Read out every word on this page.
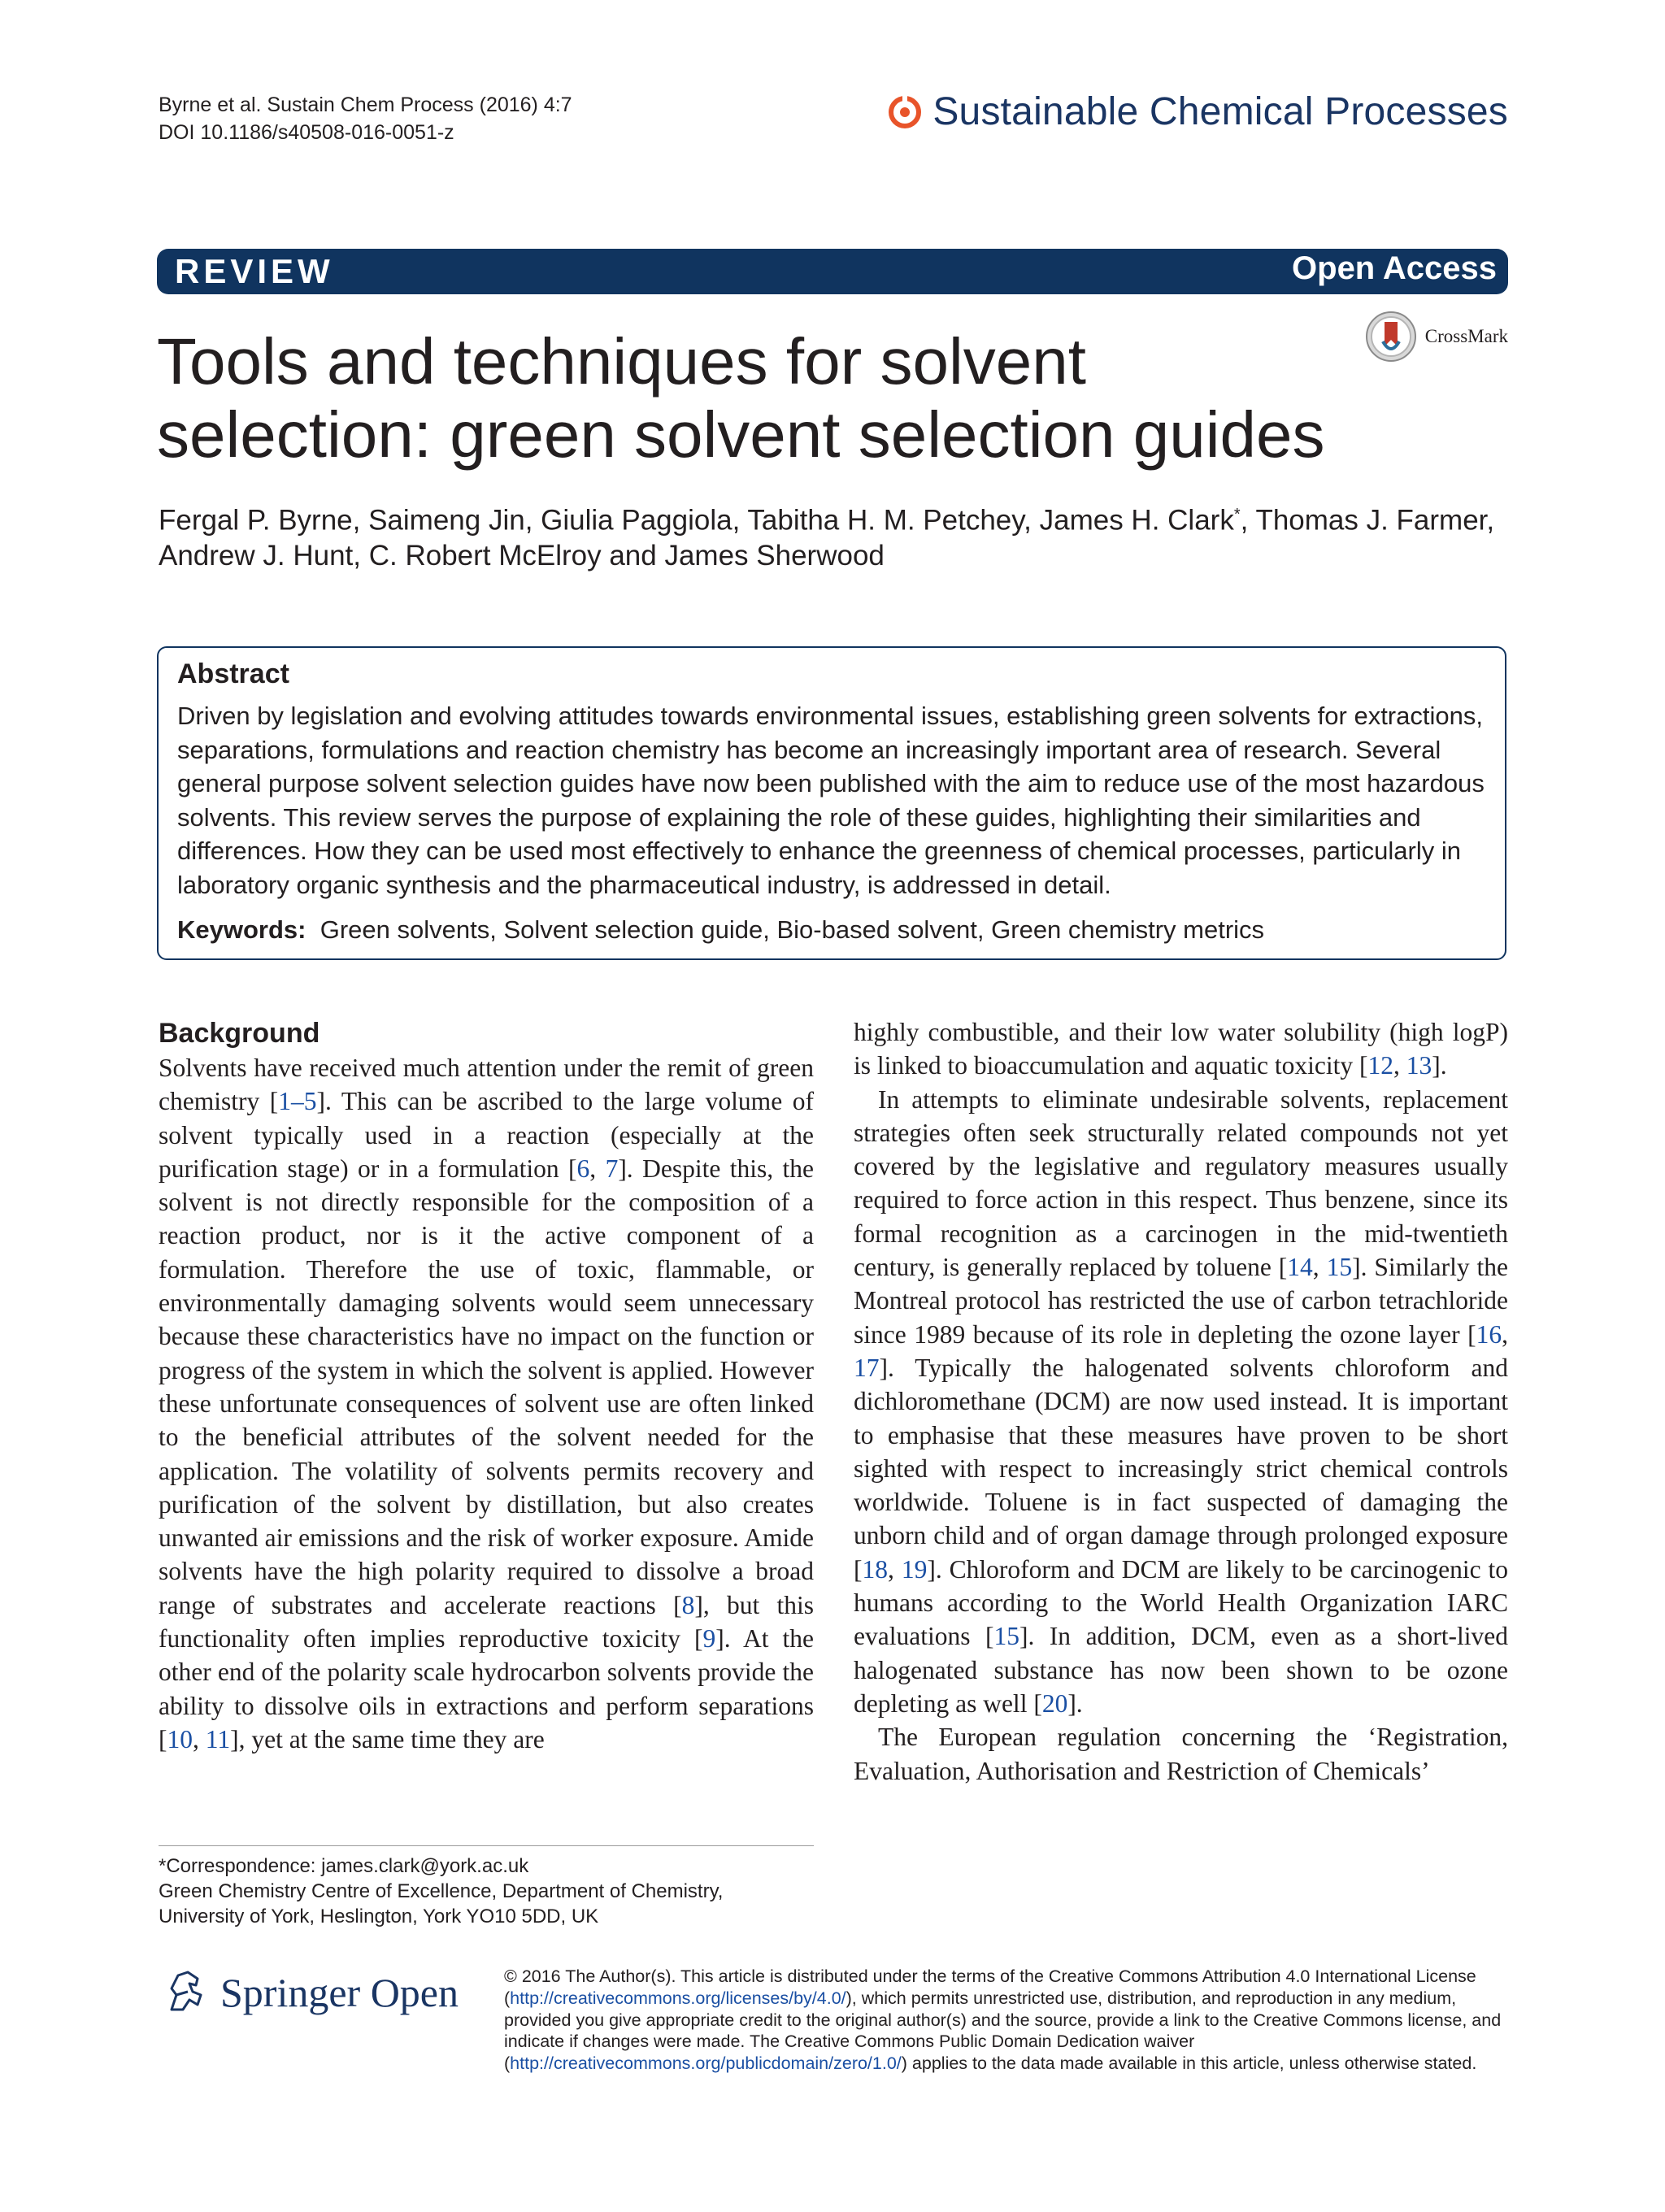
Byrne et al. Sustain Chem Process (2016) 4:7
DOI 10.1186/s40508-016-0051-z	Sustainable Chemical Processes
REVIEW	Open Access
CrossMark
Tools and techniques for solvent selection: green solvent selection guides
Fergal P. Byrne, Saimeng Jin, Giulia Paggiola, Tabitha H. M. Petchey, James H. Clark*, Thomas J. Farmer, Andrew J. Hunt, C. Robert McElroy and James Sherwood
Abstract
Driven by legislation and evolving attitudes towards environmental issues, establishing green solvents for extractions, separations, formulations and reaction chemistry has become an increasingly important area of research. Several general purpose solvent selection guides have now been published with the aim to reduce use of the most hazardous solvents. This review serves the purpose of explaining the role of these guides, highlighting their similarities and differences. How they can be used most effectively to enhance the greenness of chemical processes, particularly in laboratory organic synthesis and the pharmaceutical industry, is addressed in detail.
Keywords: Green solvents, Solvent selection guide, Bio-based solvent, Green chemistry metrics
Background

Solvents have received much attention under the remit of green chemistry [1–5]. This can be ascribed to the large volume of solvent typically used in a reaction (especially at the purification stage) or in a formulation [6, 7]. Despite this, the solvent is not directly responsible for the composition of a reaction product, nor is it the active component of a formulation. Therefore the use of toxic, flammable, or environmentally damaging solvents would seem unnecessary because these characteristics have no impact on the function or progress of the system in which the solvent is applied. However these unfortunate consequences of solvent use are often linked to the beneficial attributes of the solvent needed for the application. The volatility of solvents permits recovery and purification of the solvent by distillation, but also creates unwanted air emissions and the risk of worker exposure. Amide solvents have the high polarity required to dissolve a broad range of substrates and accelerate reactions [8], but this functionality often implies reproductive toxicity [9]. At the other end of the polarity scale hydrocarbon solvents provide the ability to dissolve oils in extractions and perform separations [10, 11], yet at the same time they are

highly combustible, and their low water solubility (high logP) is linked to bioaccumulation and aquatic toxicity [12, 13].

In attempts to eliminate undesirable solvents, replacement strategies often seek structurally related compounds not yet covered by the legislative and regulatory measures usually required to force action in this respect. Thus benzene, since its formal recognition as a carcinogen in the mid-twentieth century, is generally replaced by toluene [14, 15]. Similarly the Montreal protocol has restricted the use of carbon tetrachloride since 1989 because of its role in depleting the ozone layer [16, 17]. Typically the halogenated solvents chloroform and dichloromethane (DCM) are now used instead. It is important to emphasise that these measures have proven to be short sighted with respect to increasingly strict chemical controls worldwide. Toluene is in fact suspected of damaging the unborn child and of organ damage through prolonged exposure [18, 19]. Chloroform and DCM are likely to be carcinogenic to humans according to the World Health Organization IARC evaluations [15]. In addition, DCM, even as a short-lived halogenated substance has now been shown to be ozone depleting as well [20].

The European regulation concerning the ‘Registration, Evaluation, Authorisation and Restriction of Chemicals’

*Correspondence: james.clark@york.ac.uk
Green Chemistry Centre of Excellence, Department of Chemistry,
University of York, Heslington, York YO10 5DD, UK
Springer Open	© 2016 The Author(s). This article is distributed under the terms of the Creative Commons Attribution 4.0 International License (http://creativecommons.org/licenses/by/4.0/), which permits unrestricted use, distribution, and reproduction in any medium, provided you give appropriate credit to the original author(s) and the source, provide a link to the Creative Commons license, and indicate if changes were made. The Creative Commons Public Domain Dedication waiver (http://creativecommons.org/publicdomain/zero/1.0/) applies to the data made available in this article, unless otherwise stated.
